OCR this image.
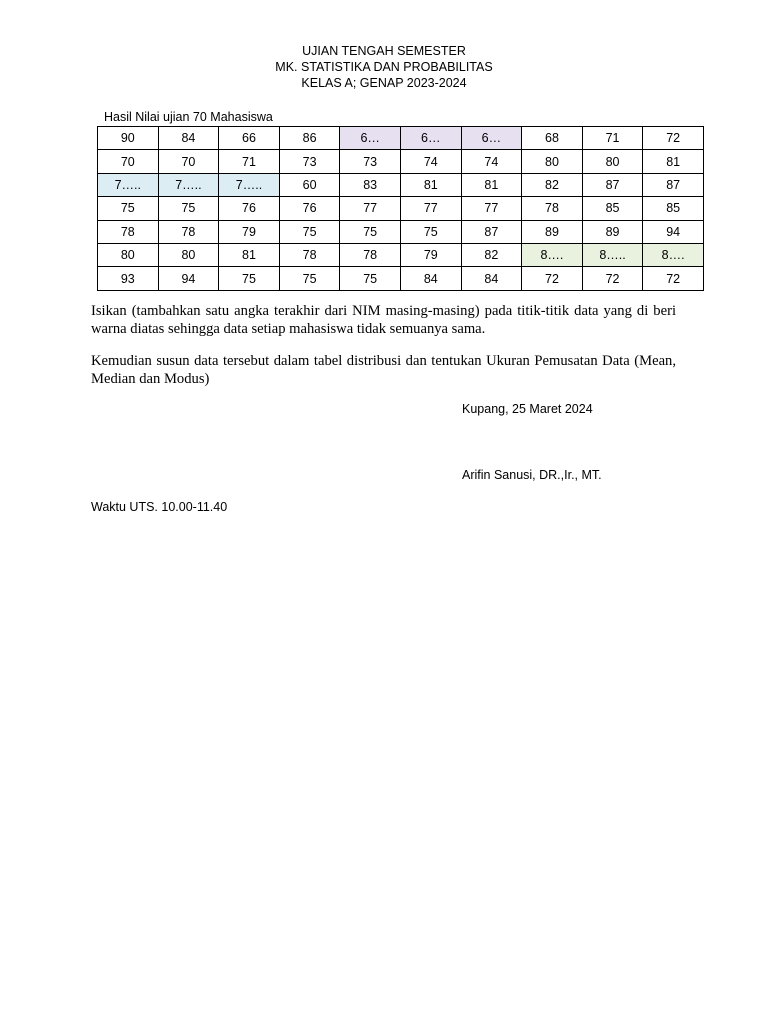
UJIAN TENGAH SEMESTER
MK. STATISTIKA DAN PROBABILITAS
KELAS A; GENAP 2023-2024
Hasil Nilai ujian 70 Mahasiswa
90	84	66	86	6…	6…	6…	68	71	72
70	70	71	73	73	74	74	80	80	81
7…..	7…..	7…..	60	83	81	81	82	87	87
75	75	76	76	77	77	77	78	85	85
78	78	79	75	75	75	87	89	89	94
80	80	81	78	78	79	82	8….	8…..	8….
93	94	75	75	75	84	84	72	72	72
Isikan (tambahkan satu angka terakhir dari NIM masing-masing) pada titik-titik data yang di beri warna diatas sehingga data setiap mahasiswa tidak semuanya sama.
Kemudian susun data tersebut dalam tabel distribusi dan tentukan Ukuran Pemusatan Data (Mean, Median dan Modus)
Kupang, 25 Maret 2024
Arifin Sanusi, DR.,Ir., MT.
Waktu UTS. 10.00-11.40
